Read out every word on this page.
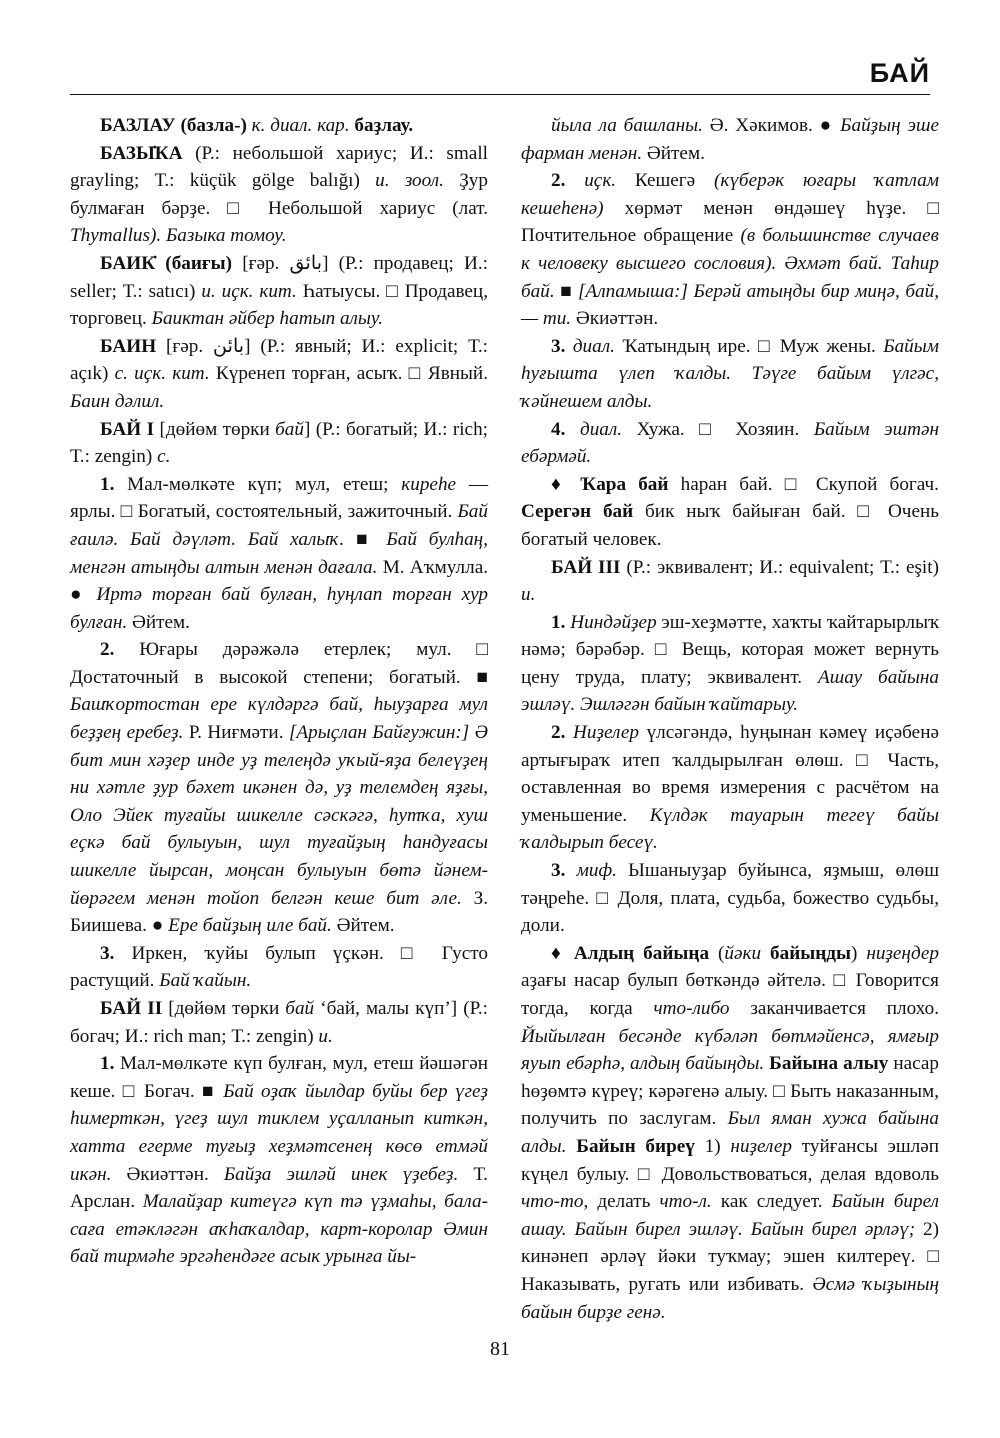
БАЙ

БАЗЛАУ (базла-) к. диал. кар. баҙлау.

БАЗЫ̇КА (Р.: небольшой хариус; И.: small grayling; Т.: küçük gölge balığı) и. зоол. Ҙур булмаған бәрҙе. □ Небольшой хариус (лат. Thymallus). Базыка томоу.

БАИК̇ (баиғы) [ғәр. بائق] (Р.: продавец; И.: seller; Т.: satıcı) и. иҫк. кит. Һатыусы. □ Продавец, торговец. Баиктан әйбер һатып алыу.

БАИН [ғәр. بائن] (Р.: явный; И.: explicit; Т.: açık) с. иҫк. кит. Күренеп торған, асыҡ. □ Явный. Баин дәлил.

БАЙ I [дөйөм төрки бай] (Р.: богатый; И.: rich; Т.: zengin) с.

1. Мал-мөлкәте күп; мул, етеш; киреһе — ярлы. □ Богатый, состоятельный, зажиточный. Бай ғаилә. Бай дәүләт. Бай халыҡ. ■ Бай булһаң, менгән атыңды алтын менән дағала. М. Аҡмулла. ● Иртә торған бай булған, һуңлап торған хур булған. Әйтем.

2. Юғары дәрәжәлә етерлек; мул. □ Достаточный в высокой степени; богатый. ■ Башҡортостан ере күлдәргә бай, һыуҙарға мул беҙҙең еребеҙ. Р. Ниғмәти. [Арыҫлан Байғужин:] Ә бит мин хәҙер инде уҙ телеңдә уҡый-яҙа белеүҙең ни хәтле ҙур бәхет икәнен дә, уҙ телемдең яҙғы, Оло Эйек туғайы шикелле сәскәгә, һутҡа, хуш еҫкә бай булыуын, шул туғайҙың һандуғасы шикелле йырсан, моңсан булыуын бөтә йәнем-йөрәгем менән тойоп белгән кеше бит әле. З. Биишева. ● Ере байҙың иле бай. Әйтем.

3. Иркен, ҡуйы булып үҫкән. □ Густо растущий. Бай ҡайын.

БАЙ II [дөйөм төрки бай ‘бай, малы күп’] (Р.: богач; И.: rich man; Т.: zengin) и.

1. Мал-мөлкәте күп булған, мул, етеш йәшәгән кеше. □ Богач. ■ Бай оҙаҡ йылдар буйы бер үгеҙ һимерткән, үгеҙ шул тиклем уҫалланып киткән, хатта егерме туғыҙ хеҙмәтсенең көсө етмәй икән. Әкиәттән. Байҙа эшләй инек үҙебеҙ. Т. Арслан. Малайҙар китеүгә күп тә үҙмаһы, бала-саға етәкләгән аҡһаҡалдар, карт-королар Әмин бай тирмәһе эргәһендәге асык урынға йы-

йыла ла башланы. Ә. Хәкимов. ● Байҙың эше фарман менән. Әйтем.

2. иҫк. Кешегә (күберәк юғары ҡатлам кешеһенә) хөрмәт менән өндәшеү һүҙе. □ Почтительное обращение (в большинстве случаев к человеку высшего сословия). Әхмәт бай. Таһир бай. ■ [Алпамыша:] Берәй атыңды бир миңә, бай, — ти. Әкиәттән.

3. диал. Ҡатындың ире. □ Муж жены. Байым һуғышта үлеп ҡалды. Тәүге байым үлгәс, ҡәйнешем алды.

4. диал. Хужа. □ Хозяин. Байым эштән ебәрмәй.

♦ Ҡара бай һаран бай. □ Скупой богач. Серегән бай бик ныҡ байыған бай. □ Очень богатый человек.

БАЙ III (Р.: эквивалент; И.: equivalent; Т.: eşit) и.

1. Ниндәйҙер эш-хеҙмәтте, хаҡты ҡайтарырлыҡ нәмә; бәрәбәр. □ Вещь, которая может вернуть цену труда, плату; эквивалент. Ашау байына эшләү. Эшләгән байын ҡайтарыу.

2. Ниҙелер үлсәгәндә, һуңынан кәмеү иҫәбенә артығыраҡ итеп ҡалдырылған өлөш. □ Часть, оставленная во время измерения с расчётом на уменьшение. Күлдәк тауарын тегеү байы ҡалдырып бесеү.

3. миф. Ышаныуҙар буйынса, яҙмыш, өлөш тәңреһе. □ Доля, плата, судьба, божество судьбы, доли.

♦ Алдың байыңа (йәки байыңды) ниҙеңдер аҙағы насар булып бөткәндә әйтелә. □ Говорится тогда, когда что-либо заканчивается плохо. Йыйылған бесәнде күбәләп бөтмәйенсә, ямғыр яуып ебәрһә, алдың байыңды. Байына алыу насар һөҙөмтә күреү; кәрәгенә алыу. □ Быть наказанным, получить по заслугам. Был яман хужа байына алды. Байын биреү 1) ниҙелер туйғансы эшләп күңел булыу. □ Довольствоваться, делая вдоволь что-то, делать что-л. как следует. Байын бирел ашау. Байын бирел эшләү. Байын бирел әрләү; 2) кинәнеп әрләү йәки туҡмау; эшен килтереү. □ Наказывать, ругать или избивать. Әсмә ҡыҙының байын бирҙе генә.

81
